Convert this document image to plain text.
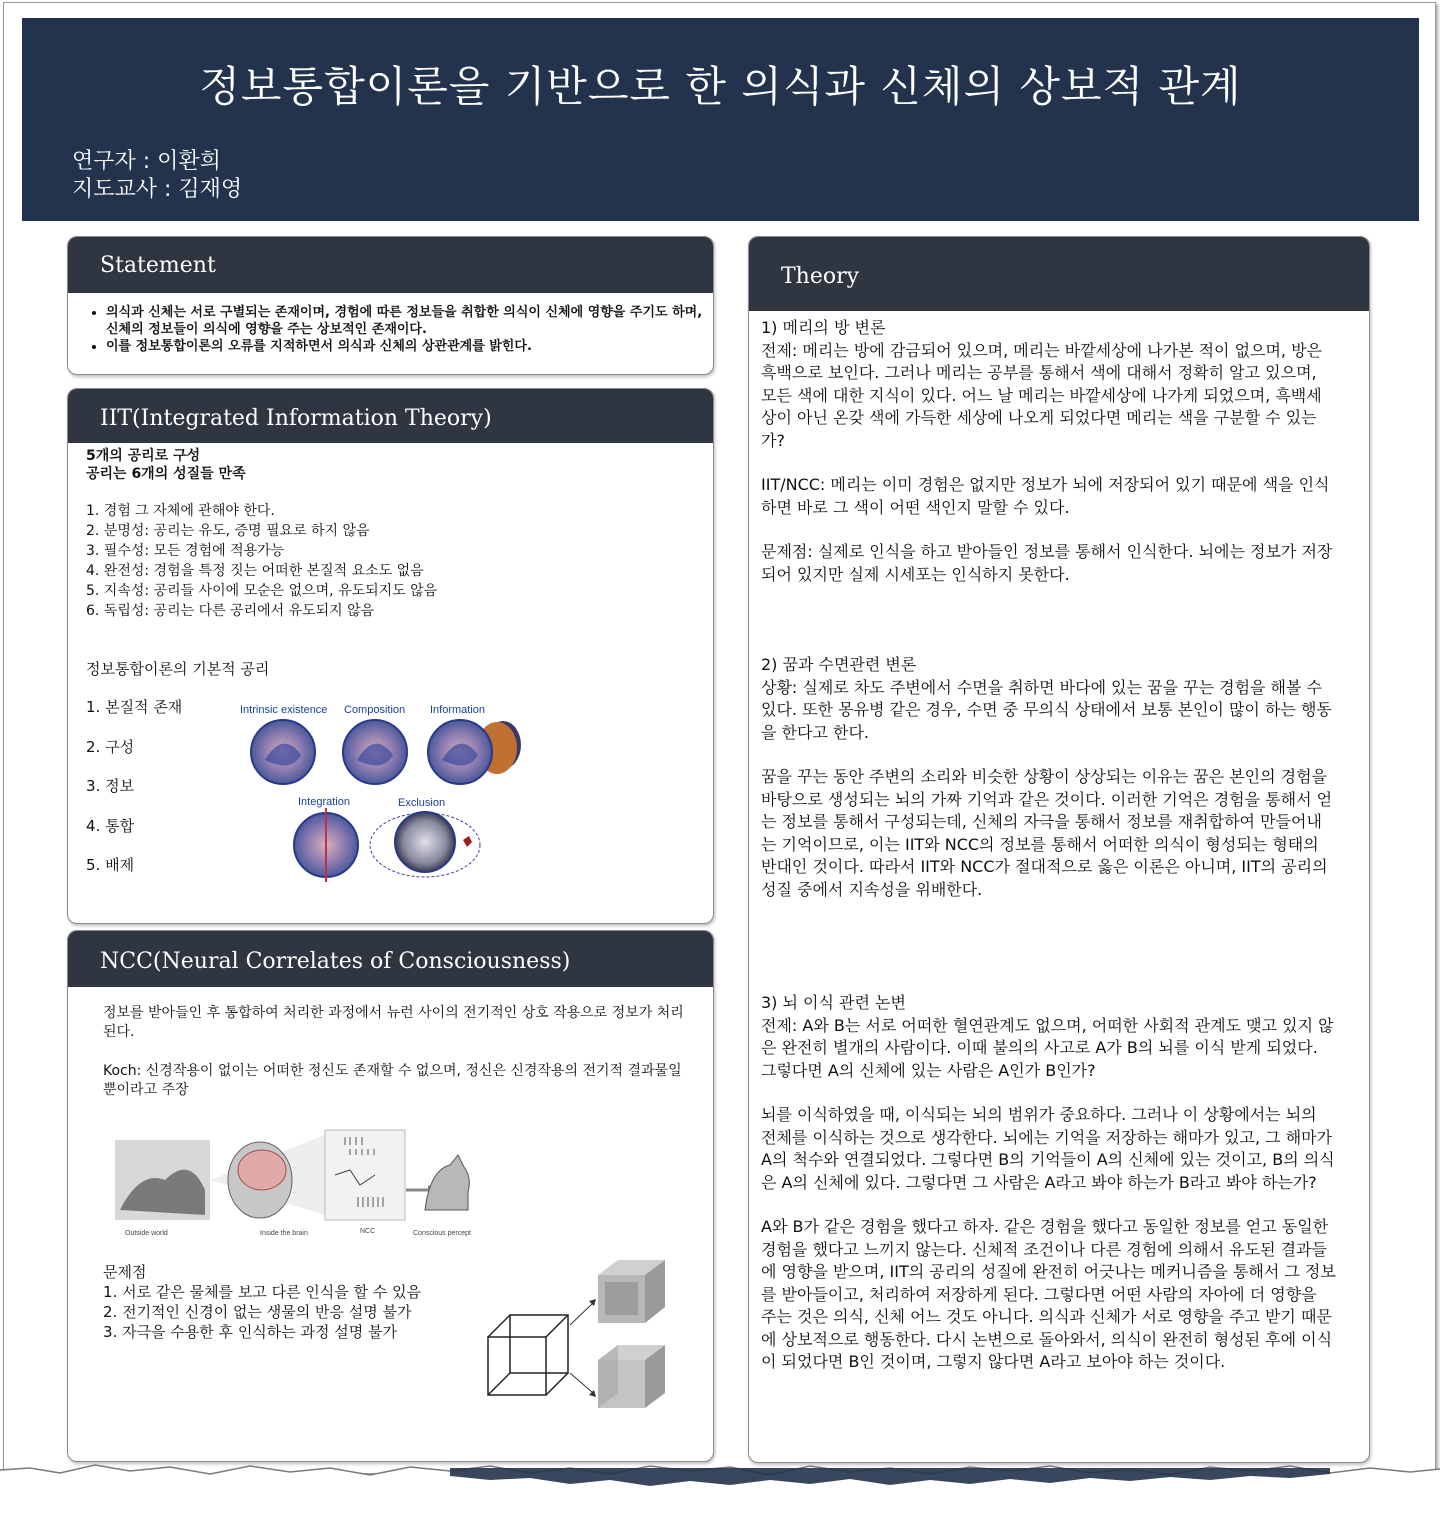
정보통합이론을 기반으로 한 의식과 신체의 상보적 관계
연구자 : 이환희
지도교사 : 김재영
Statement
• 의식과 신체는 서로 구별되는 존재이며, 경험에 따른 정보들을 취합한 의식이 신체에 영향을 주기도 하며, 신체의 정보들이 의식에 영향을 주는 상보적인 존재이다.
• 이를 정보통합이론의 오류를 지적하면서 의식과 신체의 상관관계를 밝힌다.
IIT(Integrated Information Theory)
5개의 공리로 구성
공리는 6개의 성질들 만족
1. 경험 그 자체에 관해야 한다.
2. 분명성: 공리는 유도, 증명 필요로 하지 않음
3. 필수성: 모든 경험에 적용가능
4. 완전성: 경험을 특정 짓는 어떠한 본질적 요소도 없음
5. 지속성: 공리들 사이에 모순은 없으며, 유도되지도 않음
6. 독립성: 공리는 다른 공리에서 유도되지 않음
정보통합이론의 기본적 공리
1. 본질적 존재
2. 구성
3. 정보
4. 통합
5. 배제
Intrinsic existence Composition Information
Integration	Exclusion
NCC(Neural Correlates of Consciousness)
정보를 받아들인 후 통합하여 처리한 과정에서 뉴런 사이의 전기적인 상호 작용으로 정보가 처리된다.
Koch: 신경작용이 없이는 어떠한 정신도 존재할 수 없으며, 정신은 신경작용의 전기적 결과물일 뿐이라고 주장
Outside world	Inside the brain	NCC	Conscious percept
문제점
1. 서로 같은 물체를 보고 다른 인식을 할 수 있음
2. 전기적인 신경이 없는 생물의 반응 설명 불가
3. 자극을 수용한 후 인식하는 과정 설명 불가
Theory

1) 메리의 방 변론

전제: 메리는 방에 감금되어 있으며, 메리는 바깥세상에 나가본 적이 없으며, 방은 흑백으로 보인다. 그러나 메리는 공부를 통해서 색에 대해서 정확히 알고 있으며, 모든 색에 대한 지식이 있다. 어느 날 메리는 바깥세상에 나가게 되었으며, 흑백세상이 아닌 온갖 색에 가득한 세상에 나오게 되었다면 메리는 색을 구분할 수 있는가?

IIT/NCC: 메리는 이미 경험은 없지만 정보가 뇌에 저장되어 있기 때문에 색을 인식하면 바로 그 색이 어떤 색인지 말할 수 있다.

문제점: 실제로 인식을 하고 받아들인 정보를 통해서 인식한다. 뇌에는 정보가 저장 되어 있지만 실제 시세포는 인식하지 못한다.

2) 꿈과 수면관련 변론

상황: 실제로 차도 주변에서 수면을 취하면 바다에 있는 꿈을 꾸는 경험을 해볼 수 있다. 또한 몽유병 같은 경우, 수면 중 무의식 상태에서 보통 본인이 많이 하는 행동을 한다고 한다.

꿈을 꾸는 동안 주변의 소리와 비슷한 상황이 상상되는 이유는 꿈은 본인의 경험을 바탕으로 생성되는 뇌의 가짜 기억과 같은 것이다. 이러한 기억은 경험을 통해서 얻는 정보를 통해서 구성되는데, 신체의 자극을 통해서 정보를 재취합하여 만들어내는 기억이므로, 이는 IIT와 NCC의 정보를 통해서 어떠한 의식이 형성되는 형태의 반대인 것이다. 따라서 IIT와 NCC가 절대적으로 옳은 이론은 아니며, IIT의 공리의 성질 중에서 지속성을 위배한다.

3) 뇌 이식 관련 논변

전제: A와 B는 서로 어떠한 혈연관계도 없으며, 어떠한 사회적 관계도 맺고 있지 않은 완전히 별개의 사람이다. 이때 불의의 사고로 A가 B의 뇌를 이식 받게 되었다. 그렇다면 A의 신체에 있는 사람은 A인가 B인가?

뇌를 이식하였을 때, 이식되는 뇌의 범위가 중요하다. 그러나 이 상황에서는 뇌의 전체를 이식하는 것으로 생각한다. 뇌에는 기억을 저장하는 해마가 있고, 그 해마가 A의 척수와 연결되었다. 그렇다면 B의 기억들이 A의 신체에 있는 것이고, B의 의식은 A의 신체에 있다. 그렇다면 그 사람은 A라고 봐야 하는가 B라고 봐야 하는가?

A와 B가 같은 경험을 했다고 하자. 같은 경험을 했다고 동일한 정보를 얻고 동일한 경험을 했다고 느끼지 않는다. 신체적 조건이나 다른 경험에 의해서 유도된 결과들에 영향을 받으며, IIT의 공리의 성질에 완전히 어긋나는 메커니즘을 통해서 그 정보를 받아들이고, 처리하여 저장하게 된다. 그렇다면 어떤 사람의 자아에 더 영향을 주는 것은 의식, 신체 어느 것도 아니다. 의식과 신체가 서로 영향을 주고 받기 때문에 상보적으로 행동한다. 다시 논변으로 돌아와서, 의식이 완전히 형성된 후에 이식이 되었다면 B인 것이며, 그렇지 않다면 A라고 보아야 하는 것이다.
